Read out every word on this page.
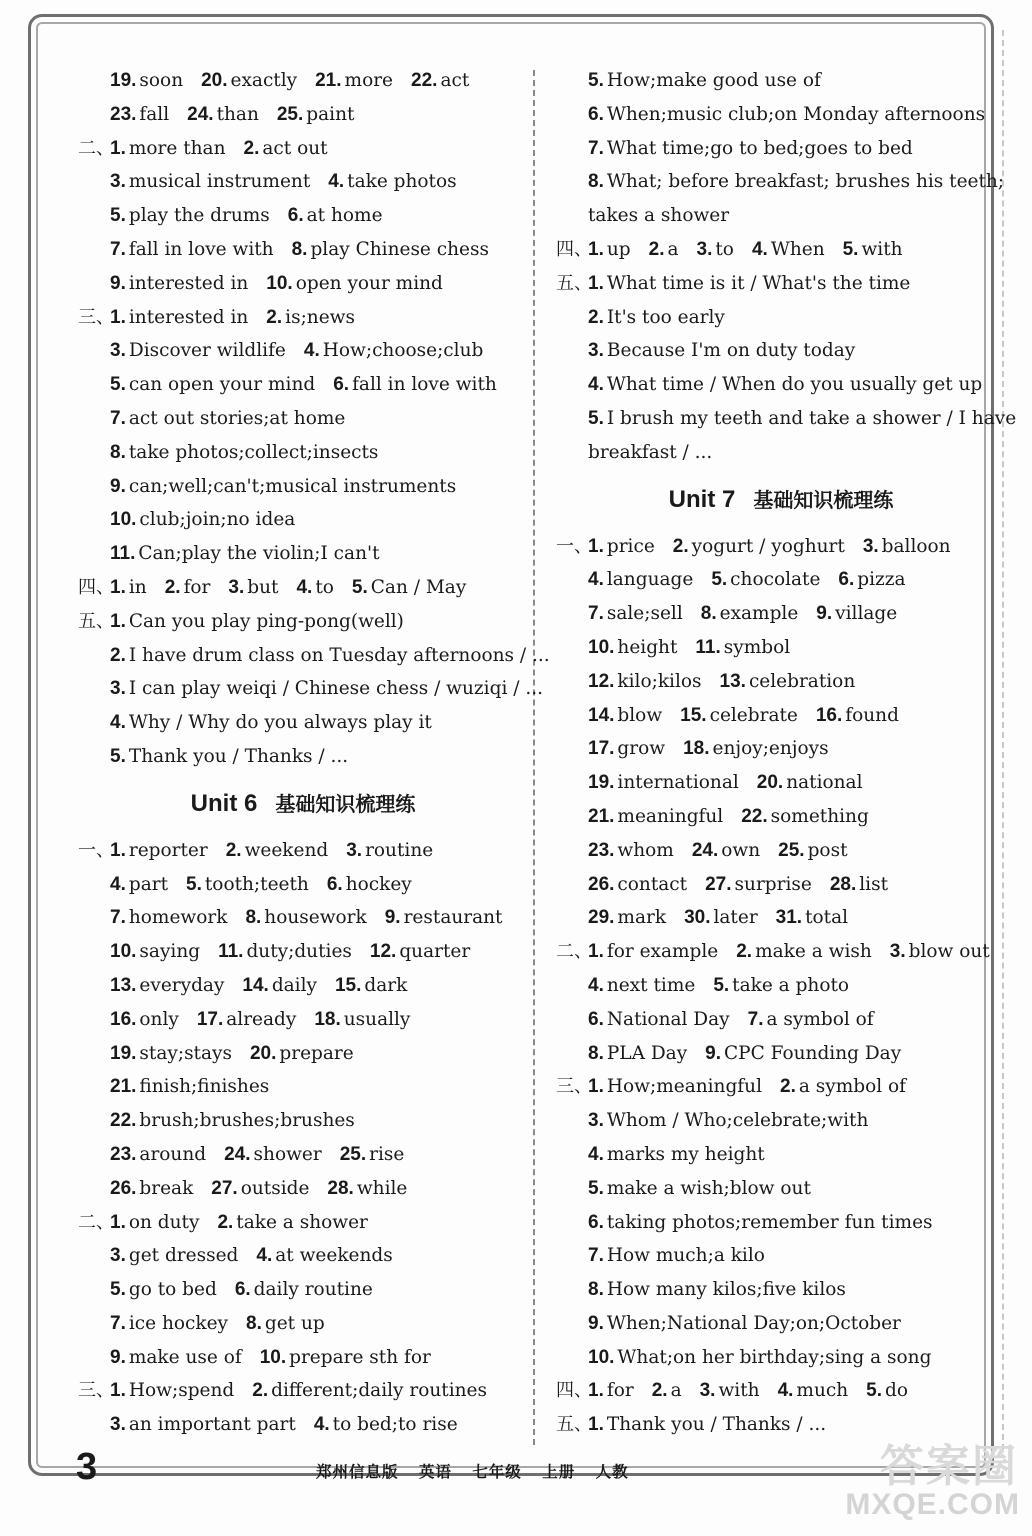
19. soon 20. exactly 21. more 22. act
23. fall 24. than 25. paint
二、1. more than 2. act out
3. musical instrument 4. take photos
5. play the drums 6. at home
7. fall in love with 8. play Chinese chess
9. interested in 10. open your mind
三、1. interested in 2. is;news
3. Discover wildlife 4. How;choose;club
5. can open your mind 6. fall in love with
7. act out stories;at home
8. take photos;collect;insects
9. can;well;can't;musical instruments
10. club;join;no idea
11. Can;play the violin;I can't
四、1. in 2. for 3. but 4. to 5. Can / May
五、1. Can you play ping-pong(well)
2. I have drum class on Tuesday afternoons / ...
3. I can play weiqi / Chinese chess / wuziqi / ...
4. Why / Why do you always play it
5. Thank you / Thanks / ...
Unit 6 基础知识梳理练
一、1. reporter 2. weekend 3. routine
4. part 5. tooth;teeth 6. hockey
7. homework 8. housework 9. restaurant
10. saying 11. duty;duties 12. quarter
13. everyday 14. daily 15. dark
16. only 17. already 18. usually
19. stay;stays 20. prepare
21. finish;finishes
22. brush;brushes;brushes
23. around 24. shower 25. rise
26. break 27. outside 28. while
二、1. on duty 2. take a shower
3. get dressed 4. at weekends
5. go to bed 6. daily routine
7. ice hockey 8. get up
9. make use of 10. prepare sth for
三、1. How;spend 2. different;daily routines
3. an important part 4. to bed;to rise
5. How;make good use of
6. When;music club;on Monday afternoons
7. What time;go to bed;goes to bed
8. What; before breakfast; brushes his teeth;
takes a shower
四、1. up 2. a 3. to 4. When 5. with
五、1. What time is it / What's the time
2. It's too early
3. Because I'm on duty today
4. What time / When do you usually get up
5. I brush my teeth and take a shower / I have
breakfast / ...
Unit 7 基础知识梳理练
一、1. price 2. yogurt / yoghurt 3. balloon
4. language 5. chocolate 6. pizza
7. sale;sell 8. example 9. village
10. height 11. symbol
12. kilo;kilos 13. celebration
14. blow 15. celebrate 16. found
17. grow 18. enjoy;enjoys
19. international 20. national
21. meaningful 22. something
23. whom 24. own 25. post
26. contact 27. surprise 28. list
29. mark 30. later 31. total
二、1. for example 2. make a wish 3. blow out
4. next time 5. take a photo
6. National Day 7. a symbol of
8. PLA Day 9. CPC Founding Day
三、1. How;meaningful 2. a symbol of
3. Whom / Who;celebrate;with
4. marks my height
5. make a wish;blow out
6. taking photos;remember fun times
7. How much;a kilo
8. How many kilos;five kilos
9. When;National Day;on;October
10. What;on her birthday;sing a song
四、1. for 2. a 3. with 4. much 5. do
五、1. Thank you / Thanks / ...
3	郑州信息版 英语 七年级 上册 人教	答案圈
MXQE.COM
